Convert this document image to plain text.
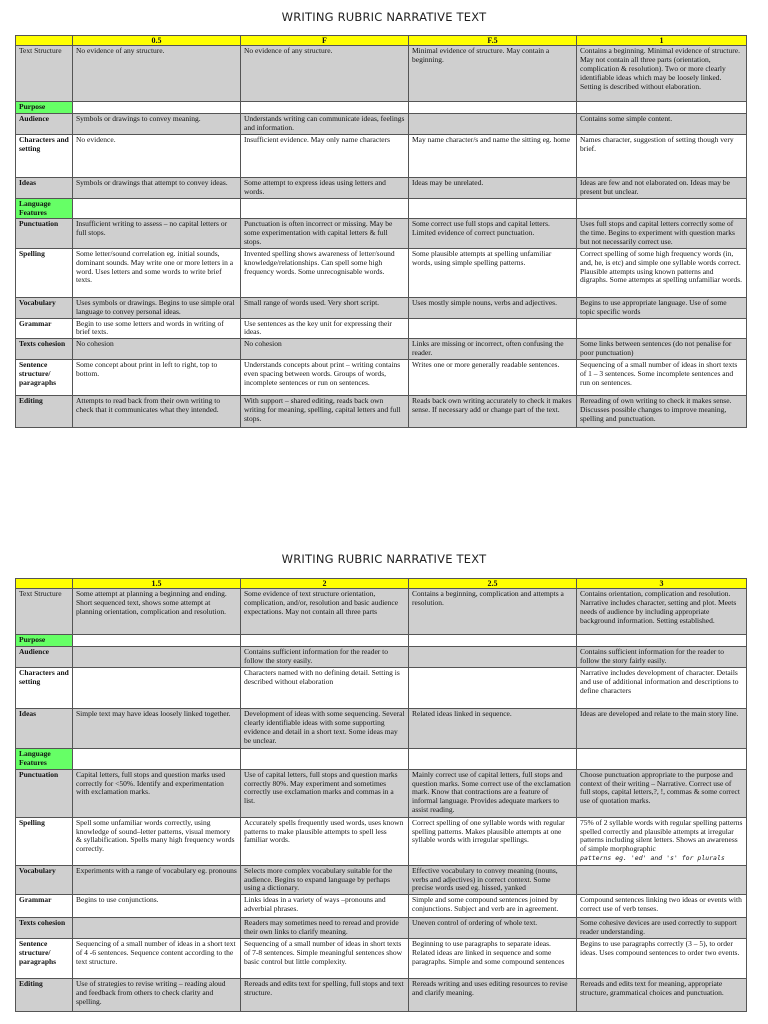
WRITING RUBRIC NARRATIVE TEXT
	0.5	F	F.5	1
Text Structure	No evidence of any structure.	No evidence of any structure.	Minimal evidence of structure. May contain a beginning.	Contains a beginning. Minimal evidence of structure. May not contain all three parts (orientation, complication & resolution). Two or more clearly identifiable ideas which may be loosely linked. Setting is described without elaboration.
Purpose				
Audience	Symbols or drawings to convey meaning.	Understands writing can communicate ideas, feelings and information.		Contains some simple content.
Characters and setting	No evidence.	Insufficient evidence. May only name characters	May name character/s and name the sitting eg. home	Names character, suggestion of setting though very brief.
Ideas	Symbols or drawings that attempt to convey ideas.	Some attempt to express ideas using letters and words.	Ideas may be unrelated.	Ideas are few and not elaborated on. Ideas may be present but unclear.
Language Features				
Punctuation	Insufficient writing to assess – no capital letters or full stops.	Punctuation is often incorrect or missing. May be some experimentation with capital letters & full stops.	Some correct use full stops and capital letters. Limited evidence of correct punctuation.	Uses full stops and capital letters correctly some of the time. Begins to experiment with question marks but not necessarily correct use.
Spelling	Some letter/sound correlation eg. initial sounds, dominant sounds. May write one or more letters in a word. Uses letters and some words to write brief texts.	Invented spelling shows awareness of letter/sound knowledge/relationships. Can spell some high frequency words. Some unrecognisable words.	Some plausible attempts at spelling unfamiliar words, using simple spelling patterns.	Correct spelling of some high frequency words (in, and, he, is etc) and simple one syllable words correct. Plausible attempts using known patterns and digraphs. Some attempts at spelling unfamiliar words.
Vocabulary	Uses symbols or drawings. Begins to use simple oral language to convey personal ideas.	Small range of words used. Very short script.	Uses mostly simple nouns, verbs and adjectives.	Begins to use appropriate language. Use of some topic specific words
Grammar	Begin to use some letters and words in writing of brief texts.	Use sentences as the key unit for expressing their ideas.		
Texts cohesion	No cohesion	No cohesion	Links are missing or incorrect, often confusing the reader.	Some links between sentences (do not penalise for poor punctuation)
Sentence structure/ paragraphs	Some concept about print in left to right, top to bottom.	Understands concepts about print – writing contains even spacing between words. Groups of words, incomplete sentences or run on sentences.	Writes one or more generally readable sentences.	Sequencing of a small number of ideas in short texts of 1 – 3 sentences. Some incomplete sentences and run on sentences.
Editing	Attempts to read back from their own writing to check that it communicates what they intended.	With support – shared editing, reads back own writing for meaning, spelling, capital letters and full stops.	Reads back own writing accurately to check it makes sense. If necessary add or change part of the text.	Rereading of own writing to check it makes sense. Discusses possible changes to improve meaning, spelling and punctuation.
WRITING RUBRIC NARRATIVE TEXT
	1.5	2	2.5	3
Text Structure	Some attempt at planning a beginning and ending. Short sequenced text, shows some attempt at planning orientation, complication and resolution.	Some evidence of text structure orientation, complication, and/or, resolution and basic audience expectations. May not contain all three parts	Contains a beginning, complication and attempts a resolution.	Contains orientation, complication and resolution. Narrative includes character, setting and plot. Meets needs of audience by including appropriate background information. Setting established.
Purpose				
Audience		Contains sufficient information for the reader to follow the story easily.		Contains sufficient information for the reader to follow the story fairly easily.
Characters and setting		Characters named with no defining detail. Setting is described without elaboration		Narrative includes development of character. Details and use of additional information and descriptions to define characters
Ideas	Simple text may have ideas loosely linked together.	Development of ideas with some sequencing. Several clearly identifiable ideas with some supporting evidence and detail in a short text. Some ideas may be unclear.	Related ideas linked in sequence.	Ideas are developed and relate to the main story line.
Language Features				
Punctuation	Capital letters, full stops and question marks used correctly for <50%. Identify and experimentation with exclamation marks.	Use of capital letters, full stops and question marks correctly 80%. May experiment and sometimes correctly use exclamation marks and commas in a list.	Mainly correct use of capital letters, full stops and question marks. Some correct use of the exclamation mark. Know that contractions are a feature of informal language. Provides adequate markers to assist reading.	Choose punctuation appropriate to the purpose and context of their writing – Narrative. Correct use of full stops, capital letters,?, !, commas & some correct use of quotation marks.
Spelling	Spell some unfamiliar words correctly, using knowledge of sound–letter patterns, visual memory & syllabification. Spells many high frequency words correctly.	Accurately spells frequently used words, uses known patterns to make plausible attempts to spell less familiar words.	Correct spelling of one syllable words with regular spelling patterns. Makes plausible attempts at one syllable words with irregular spellings.	75% of 2 syllable words with regular spelling patterns spelled correctly and plausible attempts at irregular patterns including silent letters. Shows an awareness of simple morphographic
patterns eg. 'ed' and 's' for plurals
Vocabulary	Experiments with a range of vocabulary eg. pronouns	Selects more complex vocabulary suitable for the audience. Begins to expand language by perhaps using a dictionary.	Effective vocabulary to convey meaning (nouns, verbs and adjectives) in correct context. Some precise words used eg. hissed, yanked	
Grammar	Begins to use conjunctions.	Links ideas in a variety of ways –pronouns and adverbial phrases.	Simple and some compound sentences joined by conjunctions. Subject and verb are in agreement.	Compound sentences linking two ideas or events with correct use of verb tenses.
Texts cohesion		Readers may sometimes need to reread and provide their own links to clarify meaning.	Uneven control of ordering of whole text.	Some cohesive devices are used correctly to support reader understanding.
Sentence structure/ paragraphs	Sequencing of a small number of ideas in a short text of 4 -6 sentences. Sequence content according to the text structure.	Sequencing of a small number of ideas in short texts of 7-8 sentences. Simple meaningful sentences show basic control but little complexity.	Beginning to use paragraphs to separate ideas. Related ideas are linked in sequence and some paragraphs. Simple and some compound sentences	Begins to use paragraphs correctly (3 – 5), to order ideas. Uses compound sentences to order two events.
Editing	Use of strategies to revise writing – reading aloud and feedback from others to check clarity and spelling.	Rereads and edits text for spelling, full stops and text structure.	Rereads writing and uses editing resources to revise and clarify meaning.	Rereads and edits text for meaning, appropriate structure, grammatical choices and punctuation.
